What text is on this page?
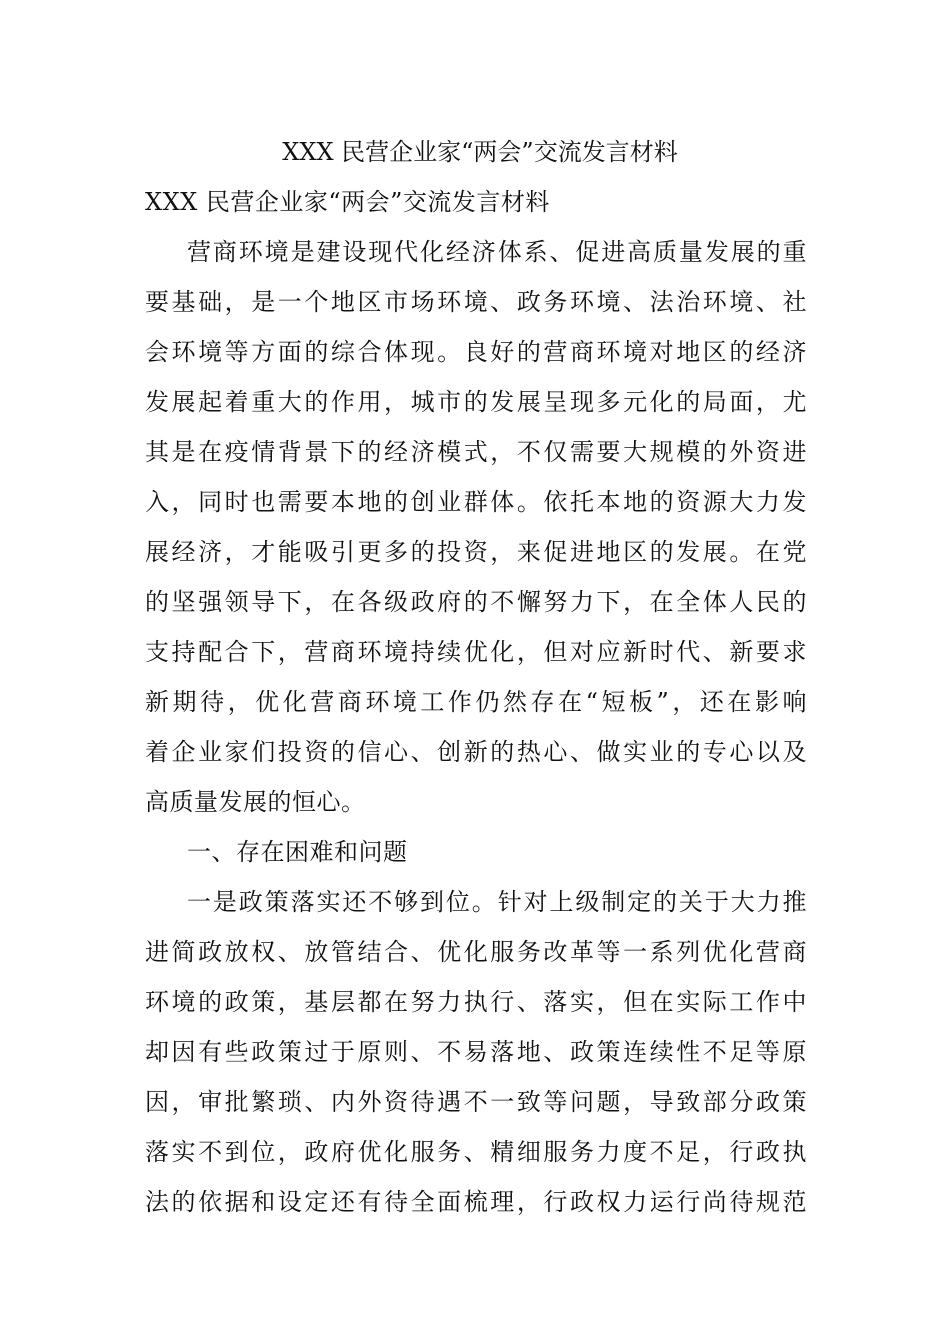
XXX 民营企业家“两会”交流发言材料

XXX 民营企业家“两会”交流发言材料

营商环境是建设现代化经济体系、促进高质量发展的重

要基础，是一个地区市场环境、政务环境、法治环境、社

会环境等方面的综合体现。良好的营商环境对地区的经济

发展起着重大的作用，城市的发展呈现多元化的局面，尤

其是在疫情背景下的经济模式，不仅需要大规模的外资进

入，同时也需要本地的创业群体。依托本地的资源大力发

展经济，才能吸引更多的投资，来促进地区的发展。在党

的坚强领导下，在各级政府的不懈努力下，在全体人民的

支持配合下，营商环境持续优化，但对应新时代、新要求

新期待，优化营商环境工作仍然存在“短板”，还在影响

着企业家们投资的信心、创新的热心、做实业的专心以及

高质量发展的恒心。

一、存在困难和问题

一是政策落实还不够到位。针对上级制定的关于大力推

进简政放权、放管结合、优化服务改革等一系列优化营商

环境的政策，基层都在努力执行、落实，但在实际工作中

却因有些政策过于原则、不易落地、政策连续性不足等原

因，审批繁琐、内外资待遇不一致等问题，导致部分政策

落实不到位，政府优化服务、精细服务力度不足，行政执

法的依据和设定还有待全面梳理，行政权力运行尚待规范
